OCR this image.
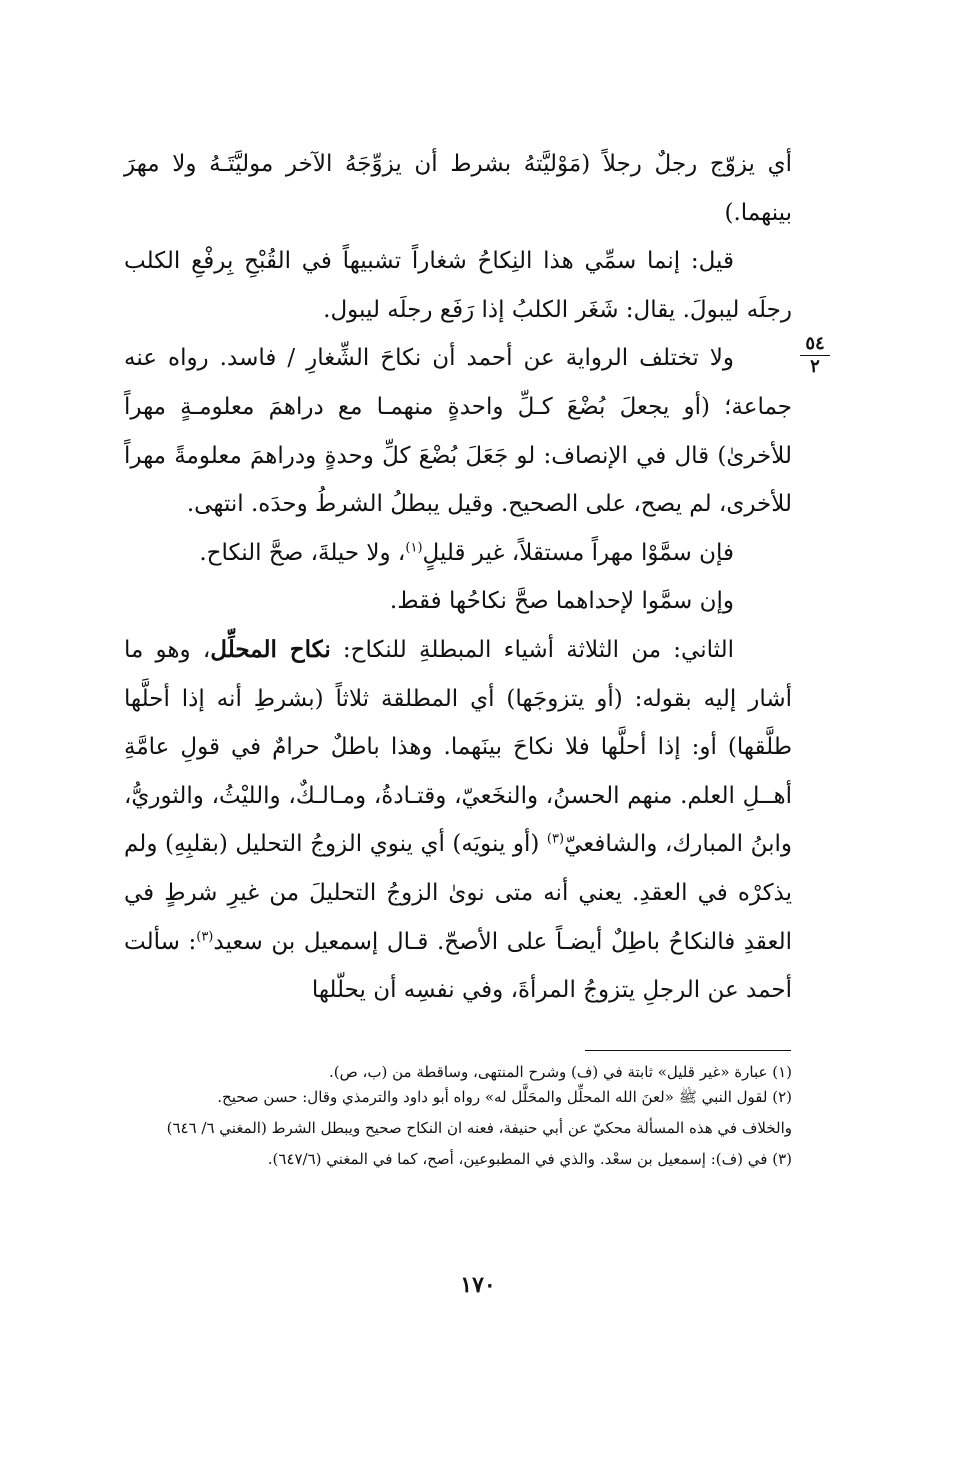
أي يزوّج رجلٌ رجلاً (مَوْليَّتهُ بشرط أن يزوِّجَهُ الآخر موليَّتَـهُ ولا مهرَ بينهما.)

قيل: إنما سمِّي هذا النِكاحُ شغاراً تشبيهاً في القُبْحِ بِرفْعِ الكلب رجلَه ليبولَ. يقال: شَغَر الكلبُ إذا رَفَع رجلَه ليبول.

ولا تختلف الرواية عن أحمد أن نكاحَ الشِّغارِ / فاسد. رواه عنه جماعة؛ (أو يجعلَ بُضْعَ كـلِّ واحدةٍ منهمـا مع دراهمَ معلومـةٍ مهراً للأخرىٰ) قال في الإنصاف: لو جَعَلَ بُضْعَ كلِّ وحدةٍ ودراهمَ معلومةً مهراً للأخرى، لم يصح، على الصحيح. وقيل يبطلُ الشرطُ وحدَه. انتهى.

فإن سمَّوْا مهراً مستقلاً، غير قليلٍ$^{(١)}$، ولا حيلةَ، صحَّ النكاح.

وإن سمَّوا لإحداهما صحَّ نكاحُها فقط.

الثاني: من الثلاثة أشياء المبطلةِ للنكاح: نكاح المحلِّل، وهو ما أشار إليه بقوله: (أو يتزوجَها) أي المطلقة ثلاثاً (بشرطِ أنه إذا أحلَّها طلَّقها) أو: إذا أحلَّها فلا نكاحَ بينَهما. وهذا باطلٌ حرامٌ في قولِ عامَّةِ أهــلِ العلم. منهم الحسنُ، والنخَعيّ، وقتـادةُ، ومـالـكٌ، والليْثُ، والثوريُّ، وابنُ المبارك، والشافعيّ$^{(٣)}$ (أو ينويَه) أي ينوي الزوجُ التحليل (بقلبِهِ) ولم يذكرْه في العقدِ. يعني أنه متى نوىٰ الزوجُ التحليلَ من غيرِ شرطٍ في العقدِ فالنكاحُ باطِلٌ أيضـاً على الأصحّ. قـال إسمعيل بن سعيد$^{(٣)}$: سألت أحمد عن الرجلِ يتزوجُ المرأةَ، وفي نفسِه أن يحلّلها

٥٤
٢

(١) عبارة «غير قليل» ثابتة في (ف) وشرح المنتهى، وساقطة من (ب، ص).

(٢) لقول النبي ﷺ «لعنَ الله المحلِّل والمحَلَّل له» رواه أبو داود والترمذي وقال: حسن صحيح.

والخلاف في هذه المسألة محكيّ عن أبي حنيفة، فعنه ان النكاح صحيح ويبطل الشرط (المغني ٦/ ٦٤٦)

(٣) في (ف): إسمعيل بن سعْد. والذي في المطبوعين، أصح، كما في المغني (٦٤٧/٦).

١٧٠
